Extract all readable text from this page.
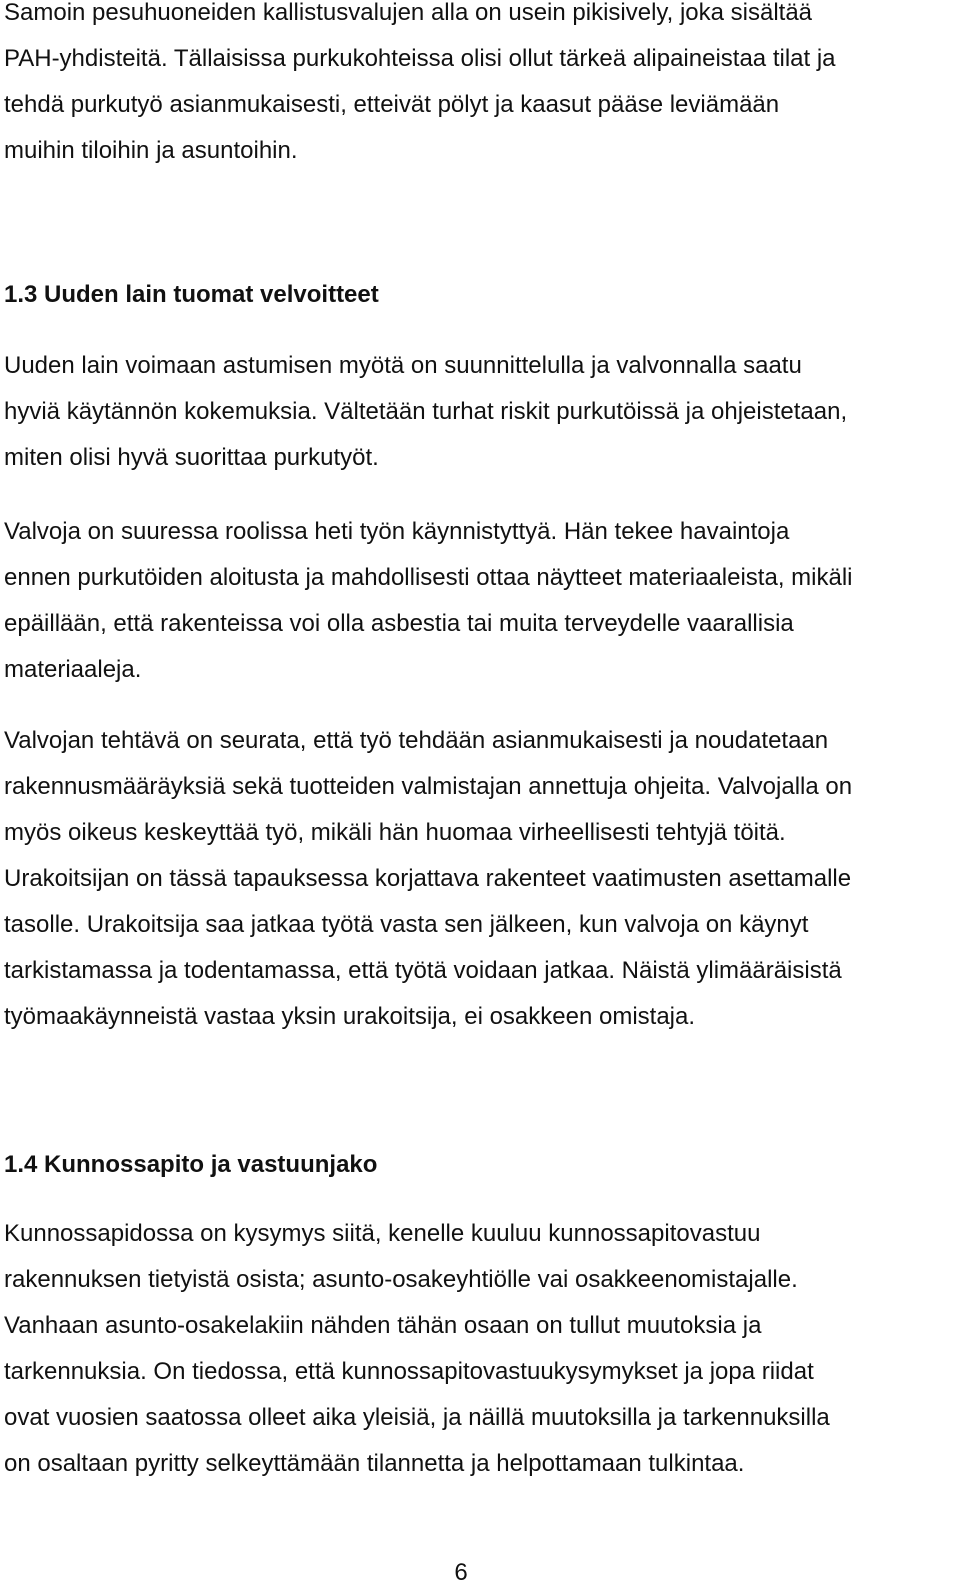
Samoin pesuhuoneiden kallistusvalujen alla on usein pikisively, joka sisältää
PAH-yhdisteitä. Tällaisissa purkukohteissa olisi ollut tärkeä alipaineistaa tilat ja
tehdä purkutyö asianmukaisesti, etteivät pölyt ja kaasut pääse leviämään
muihin tiloihin ja asuntoihin.
1.3 Uuden lain tuomat velvoitteet
Uuden lain voimaan astumisen myötä on suunnittelulla ja valvonnalla saatu
hyviä käytännön kokemuksia. Vältetään turhat riskit purkutöissä ja ohjeistetaan,
miten olisi hyvä suorittaa purkutyöt.
Valvoja on suuressa roolissa heti työn käynnistyttyä. Hän tekee havaintoja
ennen purkutöiden aloitusta ja mahdollisesti ottaa näytteet materiaaleista, mikäli
epäillään, että rakenteissa voi olla asbestia tai muita terveydelle vaarallisia
materiaaleja.
Valvojan tehtävä on seurata, että työ tehdään asianmukaisesti ja noudatetaan
rakennusmääräyksiä sekä tuotteiden valmistajan annettuja ohjeita. Valvojalla on
myös oikeus keskeyttää työ, mikäli hän huomaa virheellisesti tehtyjä töitä.
Urakoitsijan on tässä tapauksessa korjattava rakenteet vaatimusten asettamalle
tasolle. Urakoitsija saa jatkaa työtä vasta sen jälkeen, kun valvoja on käynyt
tarkistamassa ja todentamassa, että työtä voidaan jatkaa. Näistä ylimääräisistä
työmaakäynneistä vastaa yksin urakoitsija, ei osakkeen omistaja.
1.4 Kunnossapito ja vastuunjako
Kunnossapidossa on kysymys siitä, kenelle kuuluu kunnossapitovastuu
rakennuksen tietyistä osista; asunto-osakeyhtiölle vai osakkeenomistajalle.
Vanhaan asunto-osakelakiin nähden tähän osaan on tullut muutoksia ja
tarkennuksia. On tiedossa, että kunnossapitovastuukysymykset ja jopa riidat
ovat vuosien saatossa olleet aika yleisiä, ja näillä muutoksilla ja tarkennuksilla
on osaltaan pyritty selkeyttämään tilannetta ja helpottamaan tulkintaa.
6
